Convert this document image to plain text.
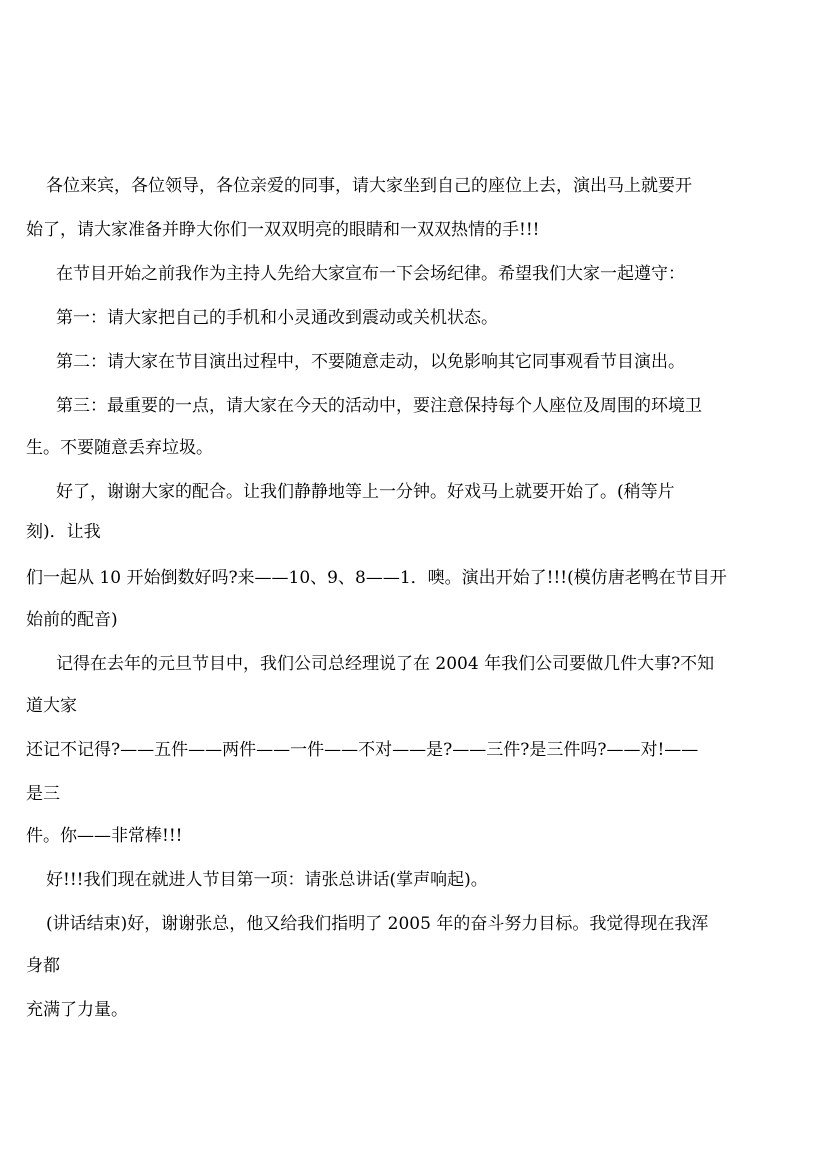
各位来宾，各位领导，各位亲爱的同事，请大家坐到自己的座位上去，演出马上就要开
始了，请大家准备并睁大你们一双双明亮的眼睛和一双双热情的手!!!
在节目开始之前我作为主持人先给大家宣布一下会场纪律。希望我们大家一起遵守：
第一：请大家把自己的手机和小灵通改到震动或关机状态。
第二：请大家在节目演出过程中，不要随意走动，以免影响其它同事观看节目演出。
第三：最重要的一点，请大家在今天的活动中，要注意保持每个人座位及周围的环境卫
生。不要随意丢弃垃圾。
好了，谢谢大家的配合。让我们静静地等上一分钟。好戏马上就要开始了。(稍等片
刻)．让我
们一起从 10 开始倒数好吗?来——10、9、8——1．噢。演出开始了!!!(模仿唐老鸭在节目开
始前的配音)
记得在去年的元旦节目中，我们公司总经理说了在 2004 年我们公司要做几件大事?不知
道大家
还记不记得?——五件——两件——一件——不对——是?——三件?是三件吗?——对!——
是三
件。你——非常棒!!!
好!!!我们现在就进人节目第一项：请张总讲话(掌声响起)。
(讲话结束)好，谢谢张总，他又给我们指明了 2005 年的奋斗努力目标。我觉得现在我浑
身都
充满了力量。
